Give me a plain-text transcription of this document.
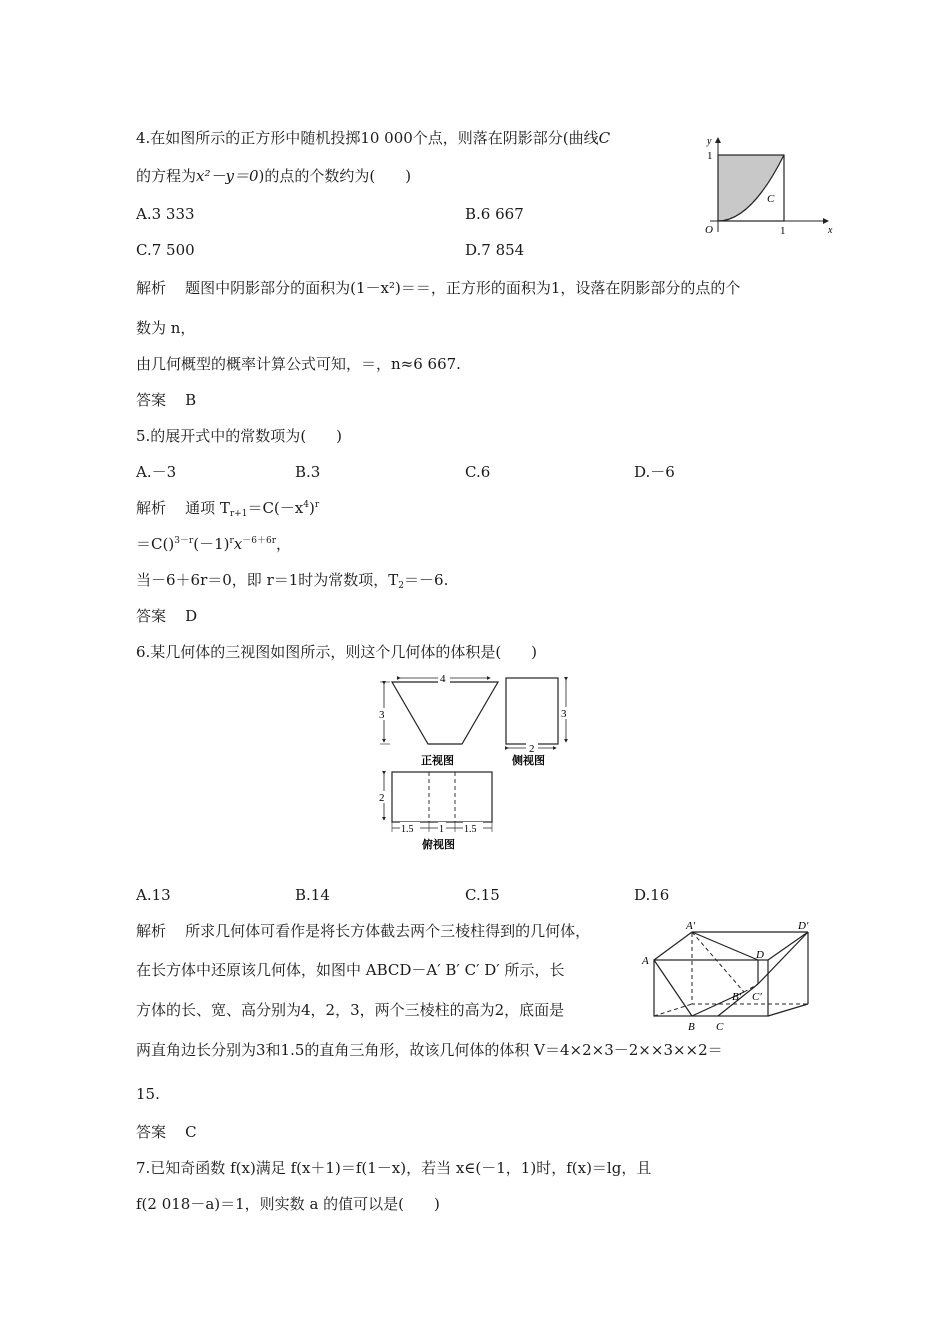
4.在如图所示的正方形中随机投掷10 000个点，则落在阴影部分(曲线C
的方程为x²－y＝0)的点的个数约为(　　)
A.3 333	B.6 667
C.7 500	D.7 854
y
x
O	1
1
C
解析 题图中阴影部分的面积为(1－x²)＝＝，正方形的面积为1，设落在阴影部分的点的个
数为 n，
由几何概型的概率计算公式可知，＝，n≈6 667.
答案 B
5.的展开式中的常数项为(　　)
A.－3	B.3	C.6	D.－6
解析 通项 $T_{r+1}=C(-x^4)^r$
$=C()^{3-r}(-1)^rx^{-6+6r}$，
当－6＋6r＝0，即 r＝1时为常数项，$T_2=-6$.
答案 D
6.某几何体的三视图如图所示，则这个几何体的体积是(　　)
4
3
正视图
3
2
侧视图
2
1.5	1 1.5
俯视图
A.13	B.14	C.15	D.16
解析 所求几何体可看作是将长方体截去两个三棱柱得到的几何体，
在长方体中还原该几何体，如图中 ABCD－A′ B′ C′ D′ 所示，长
方体的长、宽、高分别为4，2，3，两个三棱柱的高为2，底面是
两直角边长分别为3和1.5的直角三角形，故该几何体的体积 V＝4×2×3－2××3××2＝
15.
A
B C
D
A′
B′ C′
D′
答案 C
7.已知奇函数 f(x)满足 f(x＋1)＝f(1－x)，若当 x∈(－1，1)时，f(x)＝lg，且
f(2 018－a)＝1，则实数 a 的值可以是(　　)
